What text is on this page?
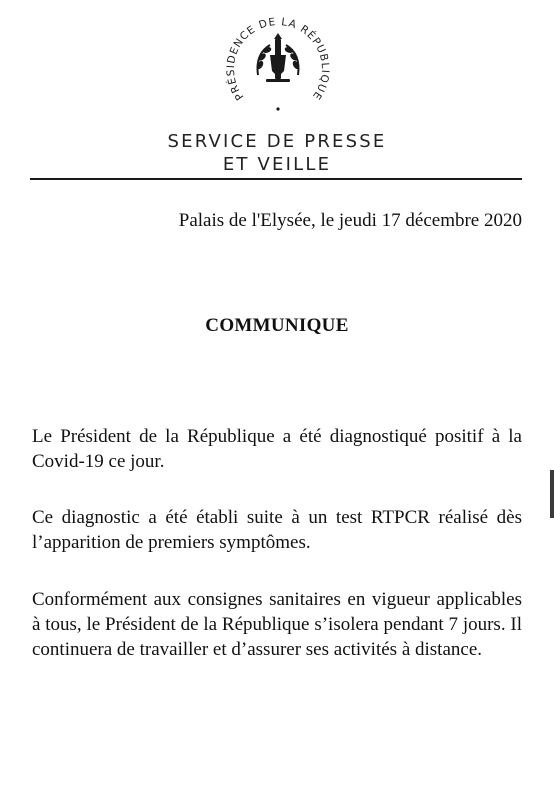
PRÉSIDENCE DE LA RÉPUBLIQUE
SERVICE DE PRESSE
ET VEILLE
Palais de l'Elysée, le jeudi 17 décembre 2020
COMMUNIQUE

Le Président de la République a été diagnostiqué positif à la Covid-19 ce jour.

Ce diagnostic a été établi suite à un test RTPCR réalisé dès l’apparition de premiers symptômes.

Conformément aux consignes sanitaires en vigueur applicables à tous, le Président de la République s’isolera pendant 7 jours. Il continuera de travailler et d’assurer ses activités à distance.
